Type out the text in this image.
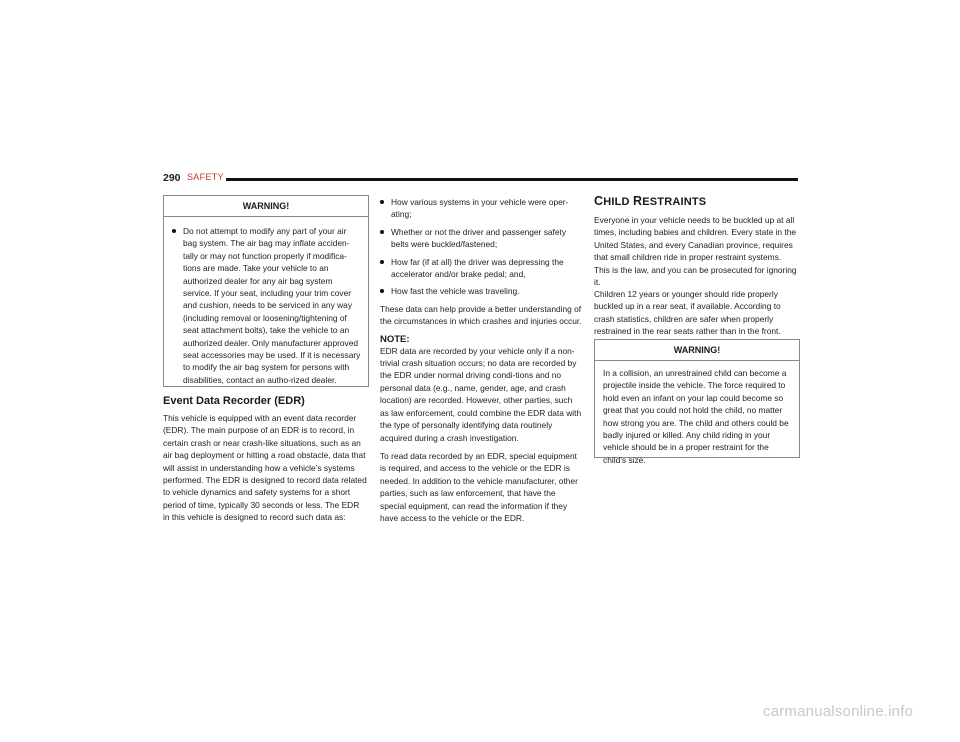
290 SAFETY
WARNING!

Do not attempt to modify any part of your air bag system. The air bag may inflate acciden-tally or may not function properly if modifica-tions are made. Take your vehicle to an authorized dealer for any air bag system service. If your seat, including your trim cover and cushion, needs to be serviced in any way (including removal or loosening/tightening of seat attachment bolts), take the vehicle to an authorized dealer. Only manufacturer approved seat accessories may be used. If it is necessary to modify the air bag system for persons with disabilities, contact an autho-rized dealer.

Event Data Recorder (EDR)

This vehicle is equipped with an event data recorder (EDR). The main purpose of an EDR is to record, in certain crash or near crash-like situations, such as an air bag deployment or hitting a road obstacle, data that will assist in understanding how a vehicle’s systems performed. The EDR is designed to record data related to vehicle dynamics and safety systems for a short period of time, typically 30 seconds or less. The EDR in this vehicle is designed to record such data as:

How various systems in your vehicle were oper-ating;

Whether or not the driver and passenger safety belts were buckled/fastened;

How far (if at all) the driver was depressing the accelerator and/or brake pedal; and,

How fast the vehicle was traveling.

These data can help provide a better understanding of the circumstances in which crashes and injuries occur.

NOTE:

EDR data are recorded by your vehicle only if a non-trivial crash situation occurs; no data are recorded by the EDR under normal driving condi-tions and no personal data (e.g., name, gender, age, and crash location) are recorded. However, other parties, such as law enforcement, could combine the EDR data with the type of personally identifying data routinely acquired during a crash investigation.

To read data recorded by an EDR, special equipment is required, and access to the vehicle or the EDR is needed. In addition to the vehicle manufacturer, other parties, such as law enforcement, that have the special equipment, can read the information if they have access to the vehicle or the EDR.

CHILD RESTRAINTS

Everyone in your vehicle needs to be buckled up at all times, including babies and children. Every state in the United States, and every Canadian province, requires that small children ride in proper restraint systems. This is the law, and you can be prosecuted for ignoring it.

Children 12 years or younger should ride properly buckled up in a rear seat, if available. According to crash statistics, children are safer when properly restrained in the rear seats rather than in the front.

WARNING!

In a collision, an unrestrained child can become a projectile inside the vehicle. The force required to hold even an infant on your lap could become so great that you could not hold the child, no matter how strong you are. The child and others could be badly injured or killed. Any child riding in your vehicle should be in a proper restraint for the child’s size.

carmanualsonline.info
